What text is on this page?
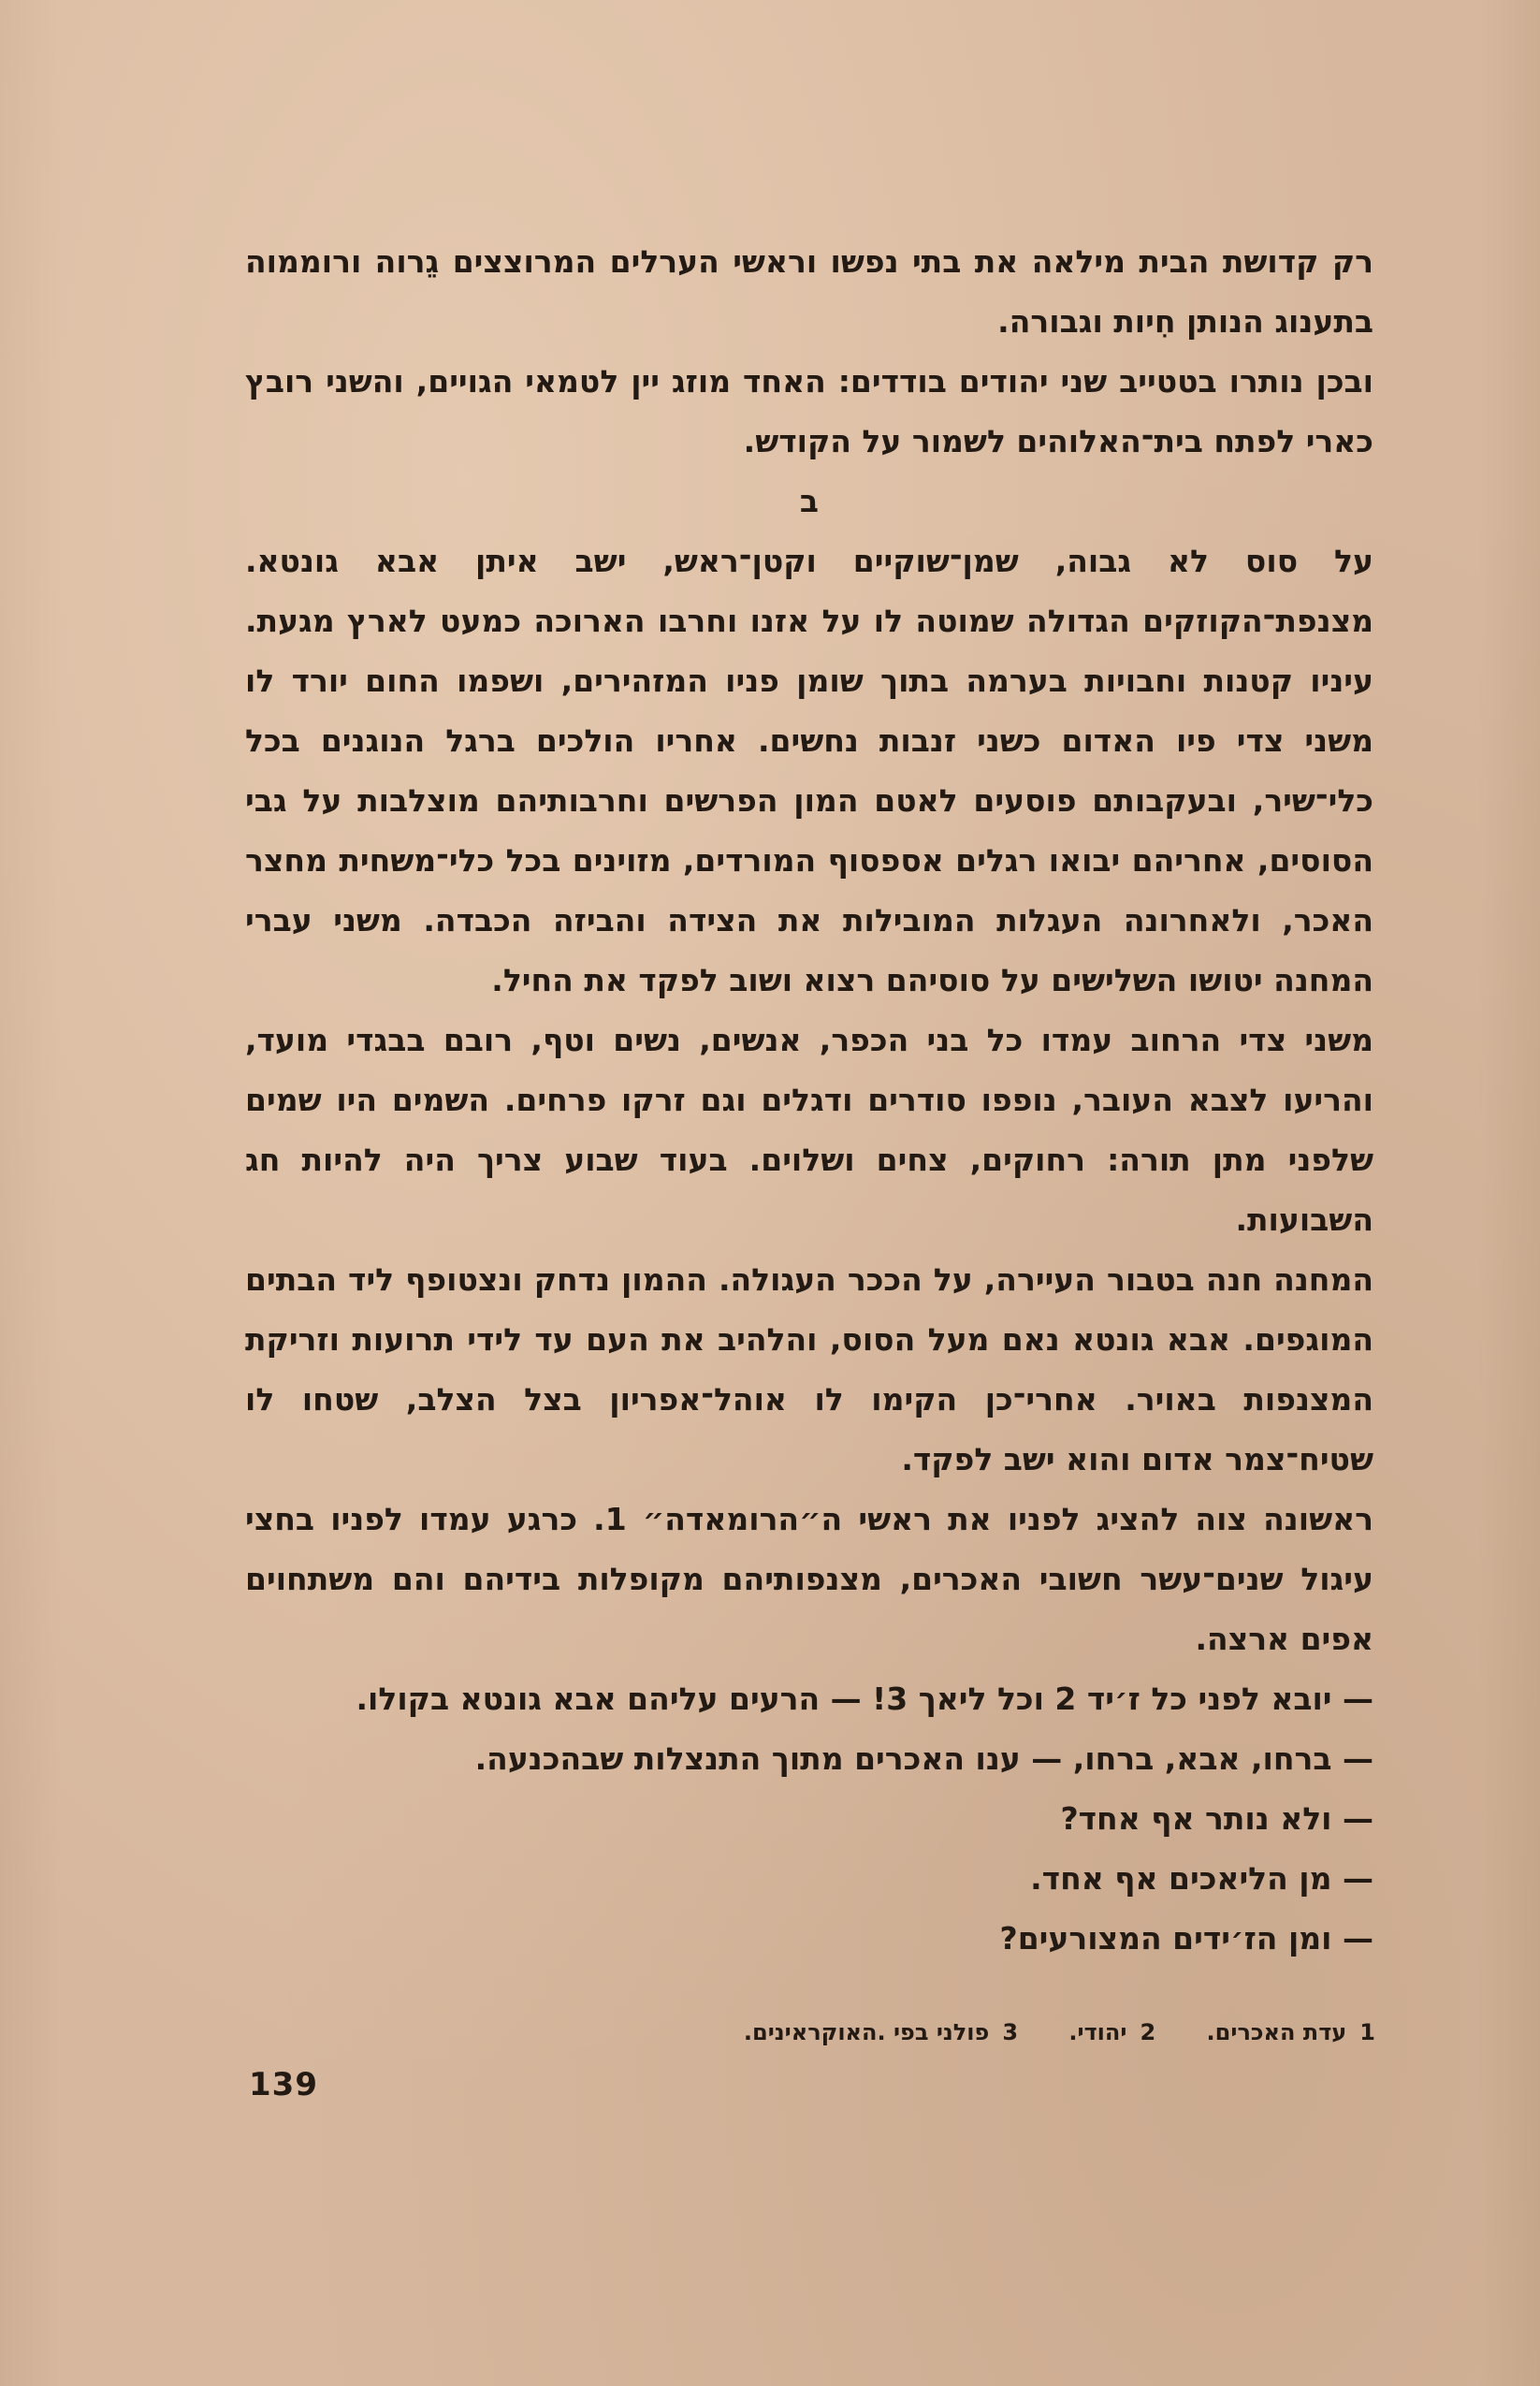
רק קדושת הבית מילאה את בתי נפשו וראשי הערלים המרוצצים גֵרוה ורוממוה בתענוג הנותן חִיות וגבורה.

ובכן נותרו בטטייב שני יהודים בודדים: האחד מוזג יין לטמאי הגויים, והשני רובץ כארי לפתח בית־האלוהים לשמור על הקודש.

ב

על סוס לא גבוה, שמן־שוקיים וקטן־ראש, ישב איתן אבא גונטא. מצנפת־הקוזקים הגדולה שמוטה לו על אזנו וחרבו הארוכה כמעט לארץ מגעת. עיניו קטנות וחבויות בערמה בתוך שומן פניו המזהירים, ושפמו החום יורד לו משני צדי פיו האדום כשני זנבות נחשים. אחריו הולכים ברגל הנוגנים בכל כלי־שיר, ובעקבותם פוסעים לאטם המון הפרשים וחרבותיהם מוצלבות על גבי הסוסים, אחריהם יבואו רגלים אספסוף המורדים, מזוינים בכל כלי־משחית מחצר האכר, ולאחרונה העגלות המובילות את הצידה והביזה הכבדה. משני עברי המחנה יטושו השלישים על סוסיהם רצוא ושוב לפקד את החיל.

משני צדי הרחוב עמדו כל בני הכפר, אנשים, נשים וטף, רובם בבגדי מועד, והריעו לצבא העובר, נופפו סודרים ודגלים וגם זרקו פרחים. השמים היו שמים שלפני מתן תורה: רחוקים, צחים ושלוים. בעוד שבוע צריך היה להיות חג השבועות.

המחנה חנה בטבור העיירה, על הככר העגולה. ההמון נדחק ונצטופף ליד הבתים המוגפים. אבא גונטא נאם מעל הסוס, והלהיב את העם עד לידי תרועות וזריקת המצנפות באויר. אחרי־כן הקימו לו אוהל־אפריון בצל הצלב, שטחו לו שטיח־צמר אדום והוא ישב לפקד.

ראשונה צוה להציג לפניו את ראשי ה״הרומאדה״ 1. כרגע עמדו לפניו בחצי עיגול שנים־עשר חשובי האכרים, מצנפותיהם מקופלות בידיהם והם משתחוים אפים ארצה.

— יובא לפני כל ז׳יד 2 וכל ליאך 3! — הרעים עליהם אבא גונטא בקולו.

— ברחו, אבא, ברחו, — ענו האכרים מתוך התנצלות שבהכנעה.

— ולא נותר אף אחד?

— מן הליאכים אף אחד.

— ומן הז׳ידים המצורעים?

1עדת האכרים. 2יהודי. 3פולני בפי .האוקראינים.
139
